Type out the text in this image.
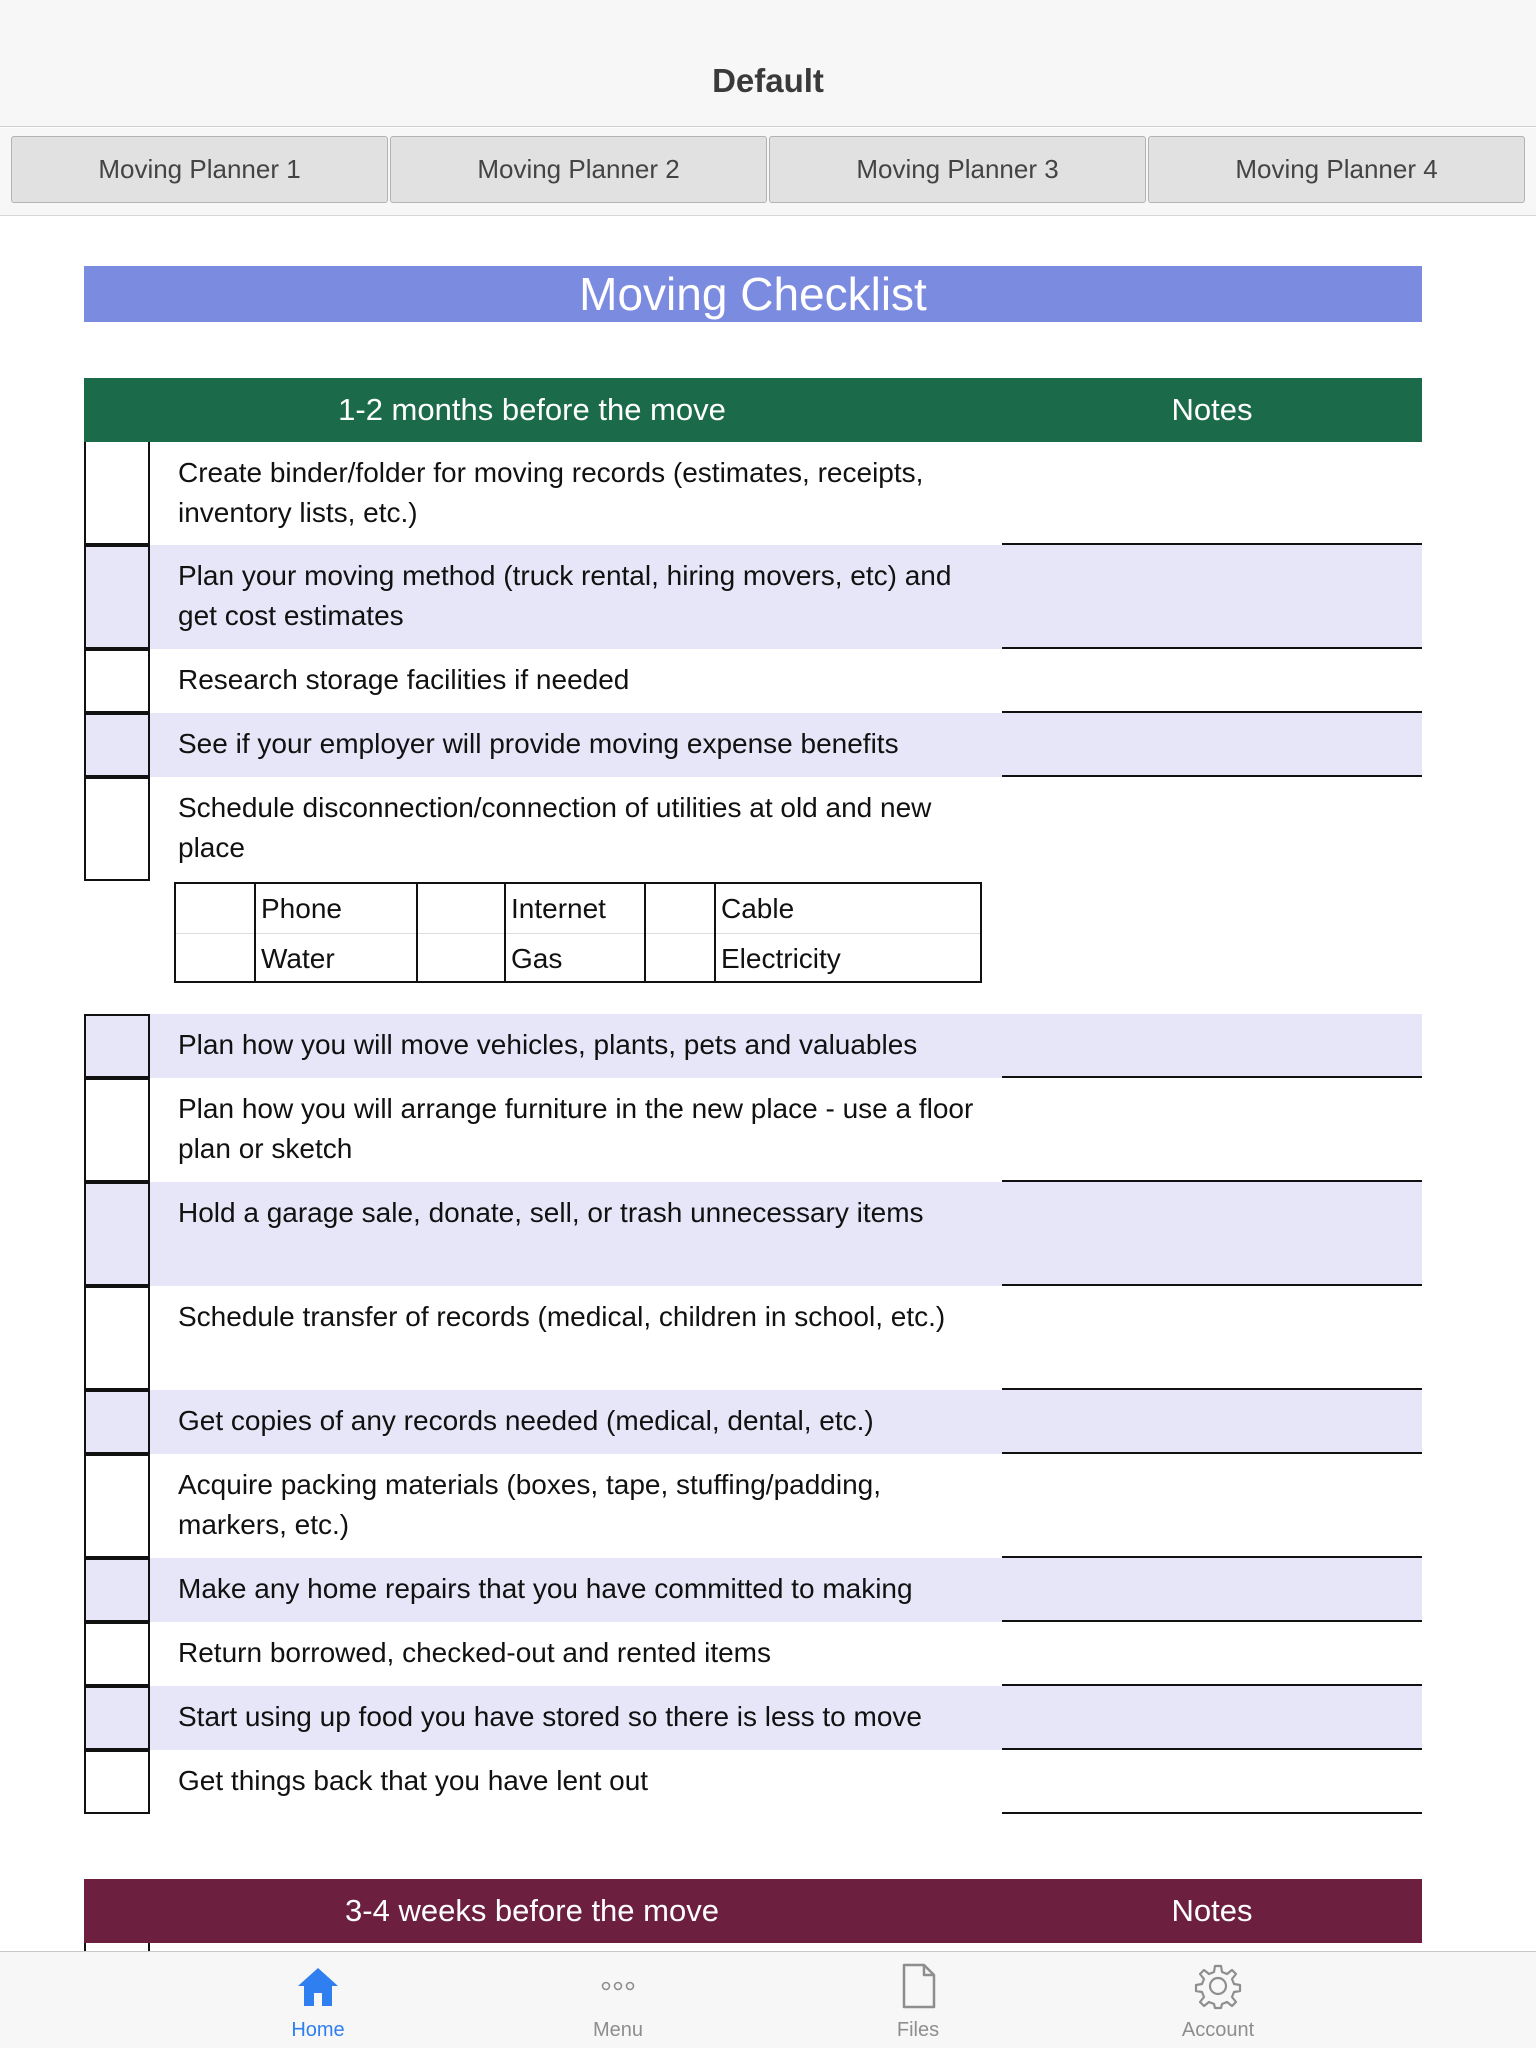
Default
Moving Planner 1	Moving Planner 2	Moving Planner 3	Moving Planner 4
Moving Checklist
1-2 months before the move	Notes
Create binder/folder for moving records (estimates, receipts, inventory lists, etc.)
Plan your moving method (truck rental, hiring movers, etc) and get cost estimates
Research storage facilities if needed
See if your employer will provide moving expense benefits
Schedule disconnection/connection of utilities at old and new place
Phone	Internet	Cable
Water	Gas	Electricity
Plan how you will move vehicles, plants, pets and valuables
Plan how you will arrange furniture in the new place - use a floor plan or sketch
Hold a garage sale, donate, sell, or trash unnecessary items
Schedule transfer of records (medical, children in school, etc.)
Get copies of any records needed (medical, dental, etc.)
Acquire packing materials (boxes, tape, stuffing/padding, markers, etc.)
Make any home repairs that you have committed to making
Return borrowed, checked-out and rented items
Start using up food you have stored so there is less to move
Get things back that you have lent out
3-4 weeks before the move	Notes
Home	Menu	Files	Account
